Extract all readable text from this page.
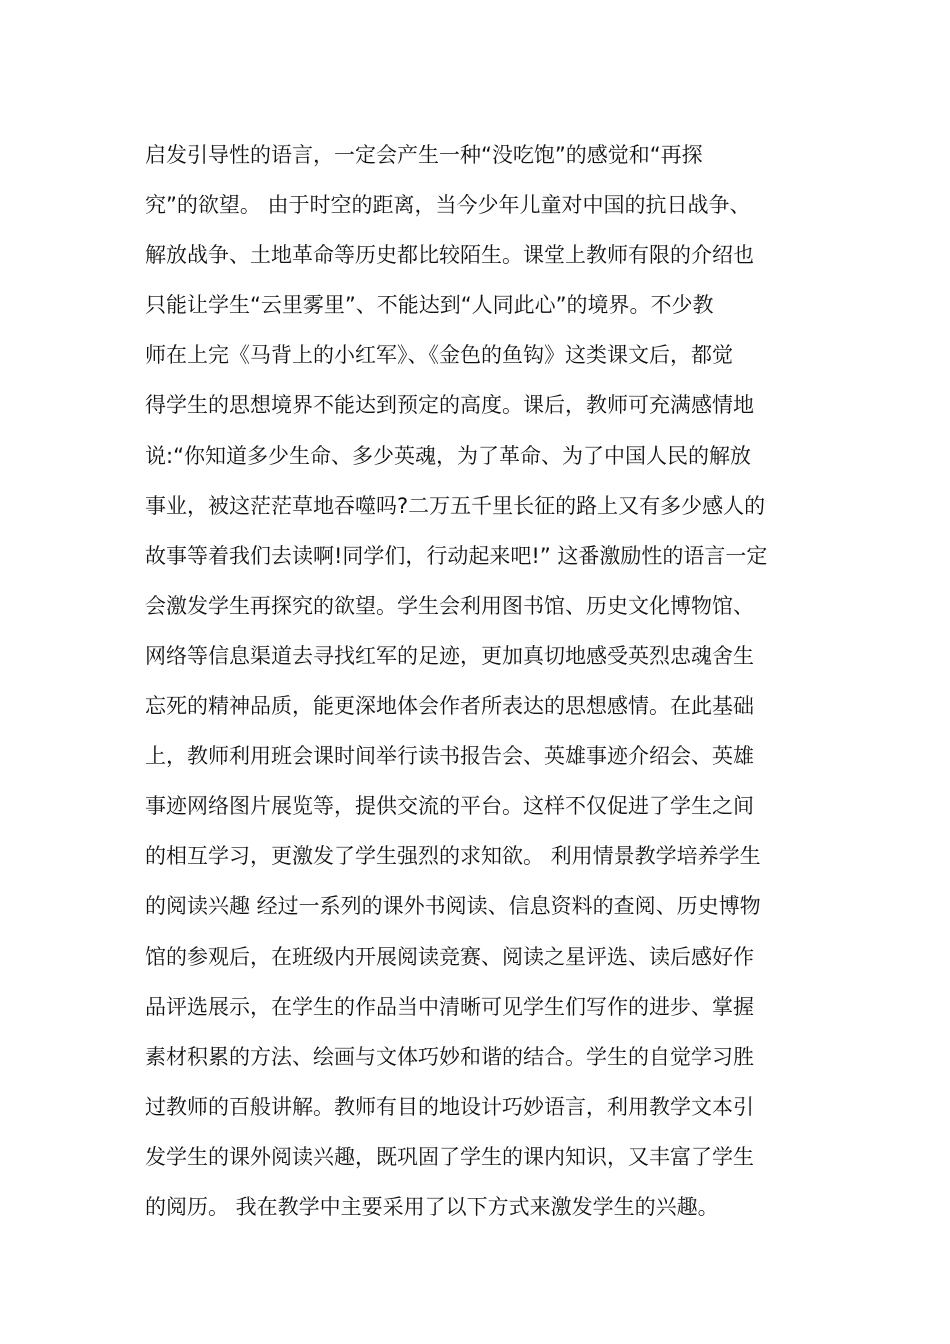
启发引导性的语言，一定会产生一种“没吃饱”的感觉和“再探
究”的欲望。 由于时空的距离，当今少年儿童对中国的抗日战争、
解放战争、土地革命等历史都比较陌生。课堂上教师有限的介绍也
只能让学生“云里雾里”、不能达到“人同此心”的境界。不少教
师在上完《马背上的小红军》、《金色的鱼钩》这类课文后，都觉
得学生的思想境界不能达到预定的高度。课后，教师可充满感情地
说:“你知道多少生命、多少英魂，为了革命、为了中国人民的解放
事业，被这茫茫草地吞噬吗?二万五千里长征的路上又有多少感人的
故事等着我们去读啊!同学们，行动起来吧!” 这番激励性的语言一定
会激发学生再探究的欲望。学生会利用图书馆、历史文化博物馆、
网络等信息渠道去寻找红军的足迹，更加真切地感受英烈忠魂舍生
忘死的精神品质，能更深地体会作者所表达的思想感情。在此基础
上，教师利用班会课时间举行读书报告会、英雄事迹介绍会、英雄
事迹网络图片展览等，提供交流的平台。这样不仅促进了学生之间
的相互学习，更激发了学生强烈的求知欲。 利用情景教学培养学生
的阅读兴趣 经过一系列的课外书阅读、信息资料的查阅、历史博物
馆的参观后，在班级内开展阅读竞赛、阅读之星评选、读后感好作
品评选展示，在学生的作品当中清晰可见学生们写作的进步、掌握
素材积累的方法、绘画与文体巧妙和谐的结合。学生的自觉学习胜
过教师的百般讲解。教师有目的地设计巧妙语言，利用教学文本引
发学生的课外阅读兴趣，既巩固了学生的课内知识，又丰富了学生
的阅历。 我在教学中主要采用了以下方式来激发学生的兴趣。
